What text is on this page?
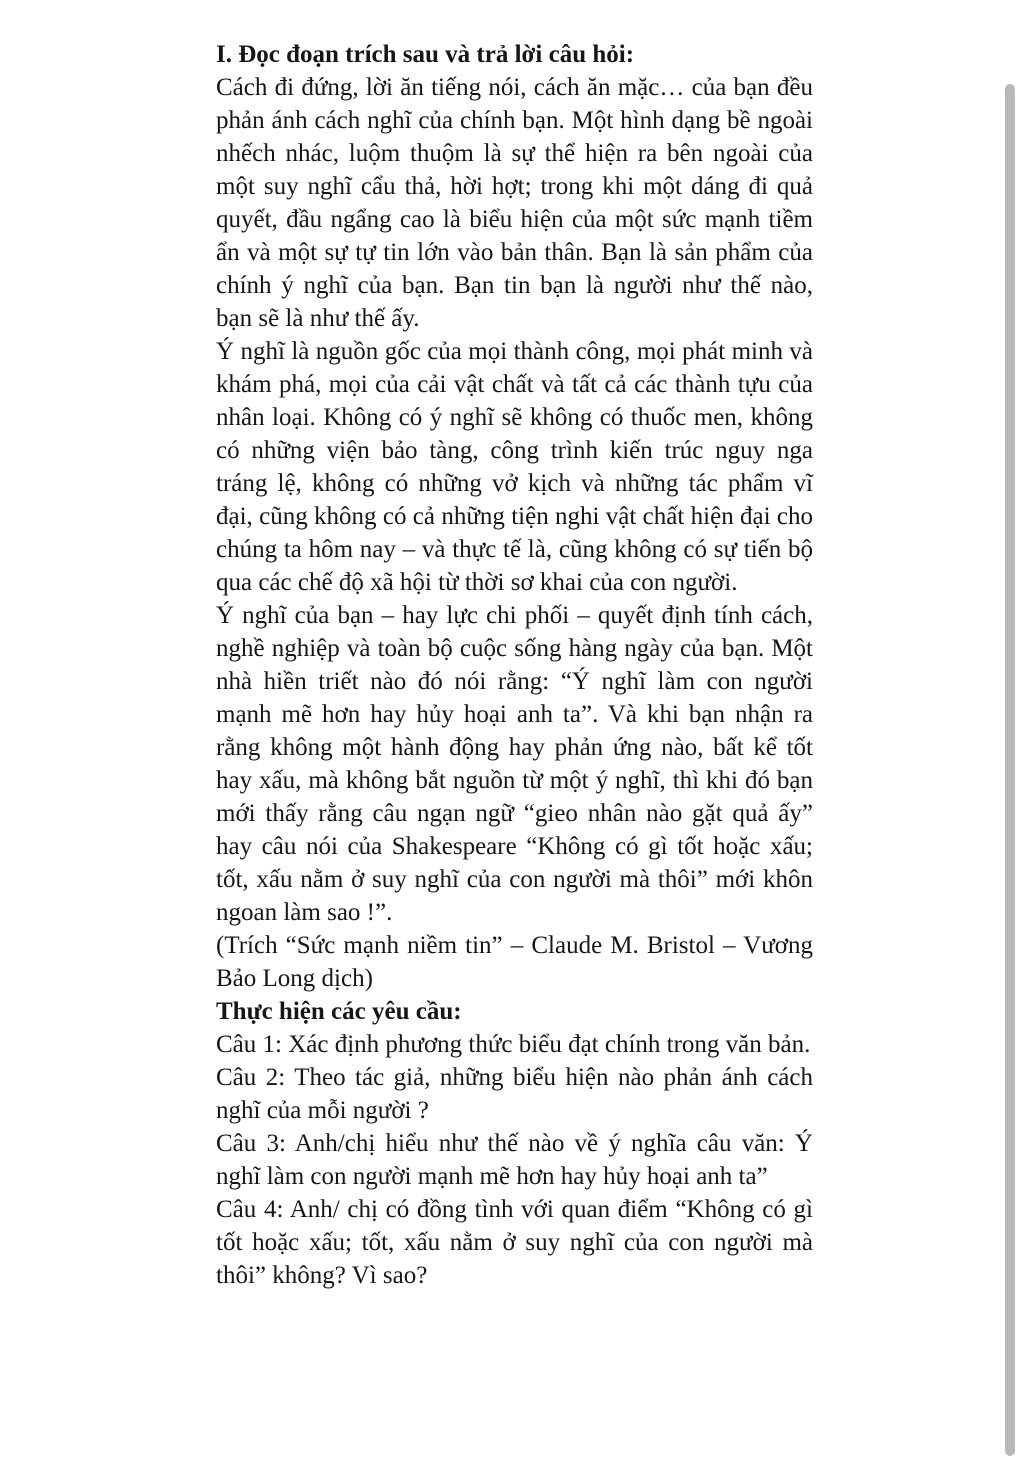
I. Đọc đoạn trích sau và trả lời câu hỏi:

Cách đi đứng, lời ăn tiếng nói, cách ăn mặc… của bạn đều phản ánh cách nghĩ của chính bạn. Một hình dạng bề ngoài nhếch nhác, luộm thuộm là sự thể hiện ra bên ngoài của một suy nghĩ cẩu thả, hời hợt; trong khi một dáng đi quả quyết, đầu ngẩng cao là biểu hiện của một sức mạnh tiềm ẩn và một sự tự tin lớn vào bản thân. Bạn là sản phẩm của chính ý nghĩ của bạn. Bạn tin bạn là người như thế nào, bạn sẽ là như thế ấy.

Ý nghĩ là nguồn gốc của mọi thành công, mọi phát minh và khám phá, mọi của cải vật chất và tất cả các thành tựu của nhân loại. Không có ý nghĩ sẽ không có thuốc men, không có những viện bảo tàng, công trình kiến trúc nguy nga tráng lệ, không có những vở kịch và những tác phẩm vĩ đại, cũng không có cả những tiện nghi vật chất hiện đại cho chúng ta hôm nay – và thực tế là, cũng không có sự tiến bộ qua các chế độ xã hội từ thời sơ khai của con người.

Ý nghĩ của bạn – hay lực chi phối – quyết định tính cách, nghề nghiệp và toàn bộ cuộc sống hàng ngày của bạn. Một nhà hiền triết nào đó nói rằng: “Ý nghĩ làm con người mạnh mẽ hơn hay hủy hoại anh ta”. Và khi bạn nhận ra rằng không một hành động hay phản ứng nào, bất kể tốt hay xấu, mà không bắt nguồn từ một ý nghĩ, thì khi đó bạn mới thấy rằng câu ngạn ngữ “gieo nhân nào gặt quả ấy” hay câu nói của Shakespeare “Không có gì tốt hoặc xấu; tốt, xấu nằm ở suy nghĩ của con người mà thôi” mới khôn ngoan làm sao !”.

(Trích “Sức mạnh niềm tin” – Claude M. Bristol – Vương Bảo Long dịch)

Thực hiện các yêu cầu:

Câu 1: Xác định phương thức biểu đạt chính trong văn bản.

Câu 2: Theo tác giả, những biểu hiện nào phản ánh cách nghĩ của mỗi người ?

Câu 3: Anh/chị hiểu như thế nào về ý nghĩa câu văn: Ý nghĩ làm con người mạnh mẽ hơn hay hủy hoại anh ta”

Câu 4: Anh/ chị có đồng tình với quan điểm “Không có gì tốt hoặc xấu; tốt, xấu nằm ở suy nghĩ của con người mà thôi” không? Vì sao?
